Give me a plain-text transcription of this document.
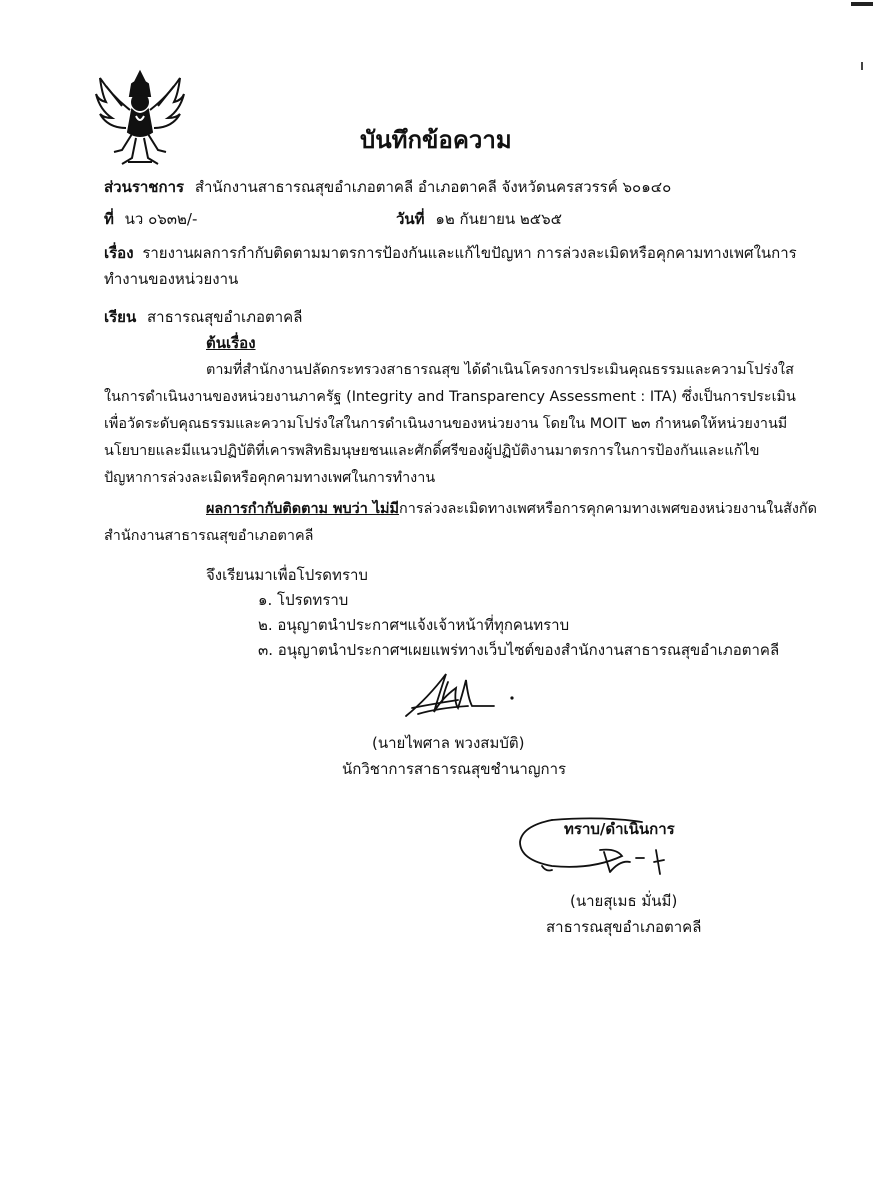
บันทึกข้อความ
ส่วนราชการ สำนักงานสาธารณสุขอำเภอตาคลี อำเภอตาคลี จังหวัดนครสวรรค์ ๖๐๑๔๐
ที่ นว ๐๖๓๒/-	วันที่ ๑๒ กันยายน ๒๕๖๕
เรื่อง รายงานผลการกำกับติดตามมาตรการป้องกันและแก้ไขปัญหา การล่วงละเมิดหรือคุกคามทางเพศในการ
ทำงานของหน่วยงาน
เรียน สาธารณสุขอำเภอตาคลี
ต้นเรื่อง
ตามที่สำนักงานปลัดกระทรวงสาธารณสุข ได้ดำเนินโครงการประเมินคุณธรรมและความโปร่งใส
ในการดำเนินงานของหน่วยงานภาครัฐ (Integrity and Transparency Assessment : ITA) ซึ่งเป็นการประเมิน
เพื่อวัดระดับคุณธรรมและความโปร่งใสในการดำเนินงานของหน่วยงาน โดยใน MOIT ๒๓ กำหนดให้หน่วยงานมี
นโยบายและมีแนวปฏิบัติที่เคารพสิทธิมนุษยชนและศักดิ์ศรีของผู้ปฏิบัติงานมาตรการในการป้องกันและแก้ไข
ปัญหาการล่วงละเมิดหรือคุกคามทางเพศในการทำงาน
ผลการกำกับติดตาม พบว่า ไม่มีการล่วงละเมิดทางเพศหรือการคุกคามทางเพศของหน่วยงานในสังกัด
สำนักงานสาธารณสุขอำเภอตาคลี
จึงเรียนมาเพื่อโปรดทราบ
๑. โปรดทราบ
๒. อนุญาตนำประกาศฯแจ้งเจ้าหน้าที่ทุกคนทราบ
๓. อนุญาตนำประกาศฯเผยแพร่ทางเว็บไซต์ของสำนักงานสาธารณสุขอำเภอตาคลี
(นายไพศาล พวงสมบัติ)
นักวิชาการสาธารณสุขชำนาญการ
ทราบ/ดำเนินการ
(นายสุเมธ มั่นมี)
สาธารณสุขอำเภอตาคลี
